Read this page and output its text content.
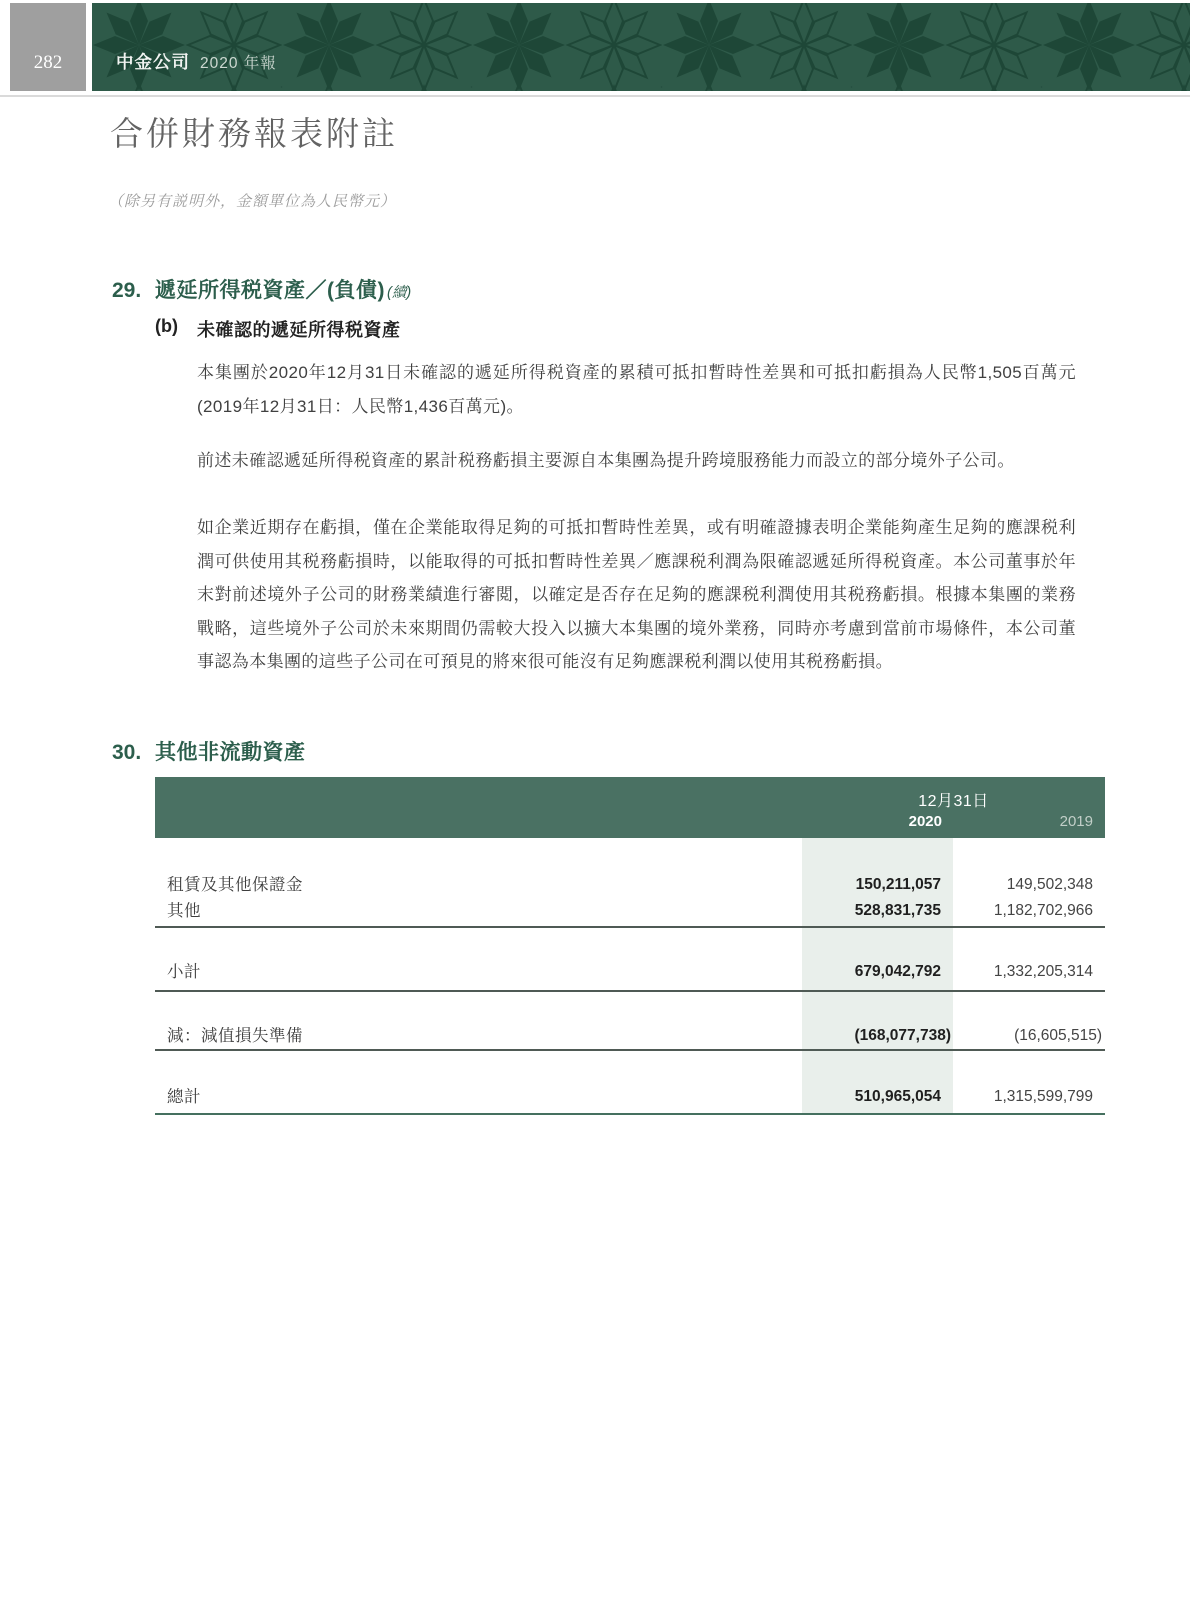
282	中金公司 2020 年報
合併財務報表附註
（除另有説明外，金額單位為人民幣元）
29. 遞延所得税資產／(負債) (續)
(b)	未確認的遞延所得税資產

本集團於2020年12月31日未確認的遞延所得税資產的累積可抵扣暫時性差異和可抵扣虧損為人民幣1,505百萬元(2019年12月31日：人民幣1,436百萬元)。

前述未確認遞延所得税資產的累計税務虧損主要源自本集團為提升跨境服務能力而設立的部分境外子公司。

如企業近期存在虧損，僅在企業能取得足夠的可抵扣暫時性差異，或有明確證據表明企業能夠產生足夠的應課税利潤可供使用其税務虧損時，以能取得的可抵扣暫時性差異／應課税利潤為限確認遞延所得税資產。本公司董事於年末對前述境外子公司的財務業績進行審閲，以確定是否存在足夠的應課税利潤使用其税務虧損。根據本集團的業務戰略，這些境外子公司於未來期間仍需較大投入以擴大本集團的境外業務，同時亦考慮到當前市場條件，本公司董事認為本集團的這些子公司在可預見的將來很可能沒有足夠應課税利潤以使用其税務虧損。

30. 其他非流動資產
12月31日
2020	2019
租賃及其他保證金	150,211,057	149,502,348
其他	528,831,735	1,182,702,966
小計	679,042,792	1,332,205,314
減：減值損失準備	(168,077,738)	(16,605,515)
總計	510,965,054	1,315,599,799
